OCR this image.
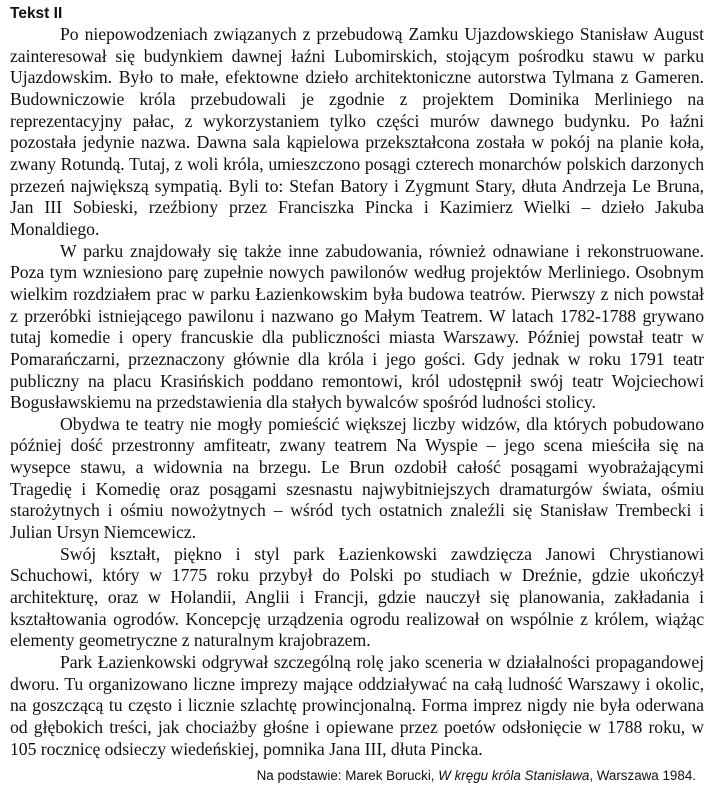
Tekst II

Po niepowodzeniach związanych z przebudową Zamku Ujazdowskiego Stanisław August zainteresował się budynkiem dawnej łaźni Lubomirskich, stojącym pośrodku stawu w parku Ujazdowskim. Było to małe, efektowne dzieło architektoniczne autorstwa Tylmana z Gameren. Budowniczowie króla przebudowali je zgodnie z projektem Dominika Merliniego na reprezentacyjny pałac, z wykorzystaniem tylko części murów dawnego budynku. Po łaźni pozostała jedynie nazwa. Dawna sala kąpielowa przekształcona została w pokój na planie koła, zwany Rotundą. Tutaj, z woli króla, umieszczono posągi czterech monarchów polskich darzonych przezeń największą sympatią. Byli to: Stefan Batory i Zygmunt Stary, dłuta Andrzeja Le Bruna, Jan III Sobieski, rzeźbiony przez Franciszka Pincka i Kazimierz Wielki – dzieło Jakuba Monaldiego.

W parku znajdowały się także inne zabudowania, również odnawiane i rekonstruowane. Poza tym wzniesiono parę zupełnie nowych pawilonów według projektów Merliniego. Osobnym wielkim rozdziałem prac w parku Łazienkowskim była budowa teatrów. Pierwszy z nich powstał z przeróbki istniejącego pawilonu i nazwano go Małym Teatrem. W latach 1782-1788 grywano tutaj komedie i opery francuskie dla publiczności miasta Warszawy. Później powstał teatr w Pomarańczarni, przeznaczony głównie dla króla i jego gości. Gdy jednak w roku 1791 teatr publiczny na placu Krasińskich poddano remontowi, król udostępnił swój teatr Wojciechowi Bogusławskiemu na przedstawienia dla stałych bywalców spośród ludności stolicy.

Obydwa te teatry nie mogły pomieścić większej liczby widzów, dla których pobudowano później dość przestronny amfiteatr, zwany teatrem Na Wyspie – jego scena mieściła się na wysepce stawu, a widownia na brzegu. Le Brun ozdobił całość posągami wyobrażającymi Tragedię i Komedię oraz posągami szesnastu najwybitniejszych dramaturgów świata, ośmiu starożytnych i ośmiu nowożytnych – wśród tych ostatnich znaleźli się Stanisław Trembecki i Julian Ursyn Niemcewicz.

Swój kształt, piękno i styl park Łazienkowski zawdzięcza Janowi Chrystianowi Schuchowi, który w 1775 roku przybył do Polski po studiach w Dreźnie, gdzie ukończył architekturę, oraz w Holandii, Anglii i Francji, gdzie nauczył się planowania, zakładania i kształtowania ogrodów. Koncepcję urządzenia ogrodu realizował on wspólnie z królem, wiążąc elementy geometryczne z naturalnym krajobrazem.

Park Łazienkowski odgrywał szczególną rolę jako sceneria w działalności propagandowej dworu. Tu organizowano liczne imprezy mające oddziaływać na całą ludność Warszawy i okolic, na goszczącą tu często i licznie szlachtę prowincjonalną. Forma imprez nigdy nie była oderwana od głębokich treści, jak chociażby głośne i opiewane przez poetów odsłonięcie w 1788 roku, w 105 rocznicę odsieczy wiedeńskiej, pomnika Jana III, dłuta Pincka.

Na podstawie: Marek Borucki, W kręgu króla Stanisława, Warszawa 1984.
